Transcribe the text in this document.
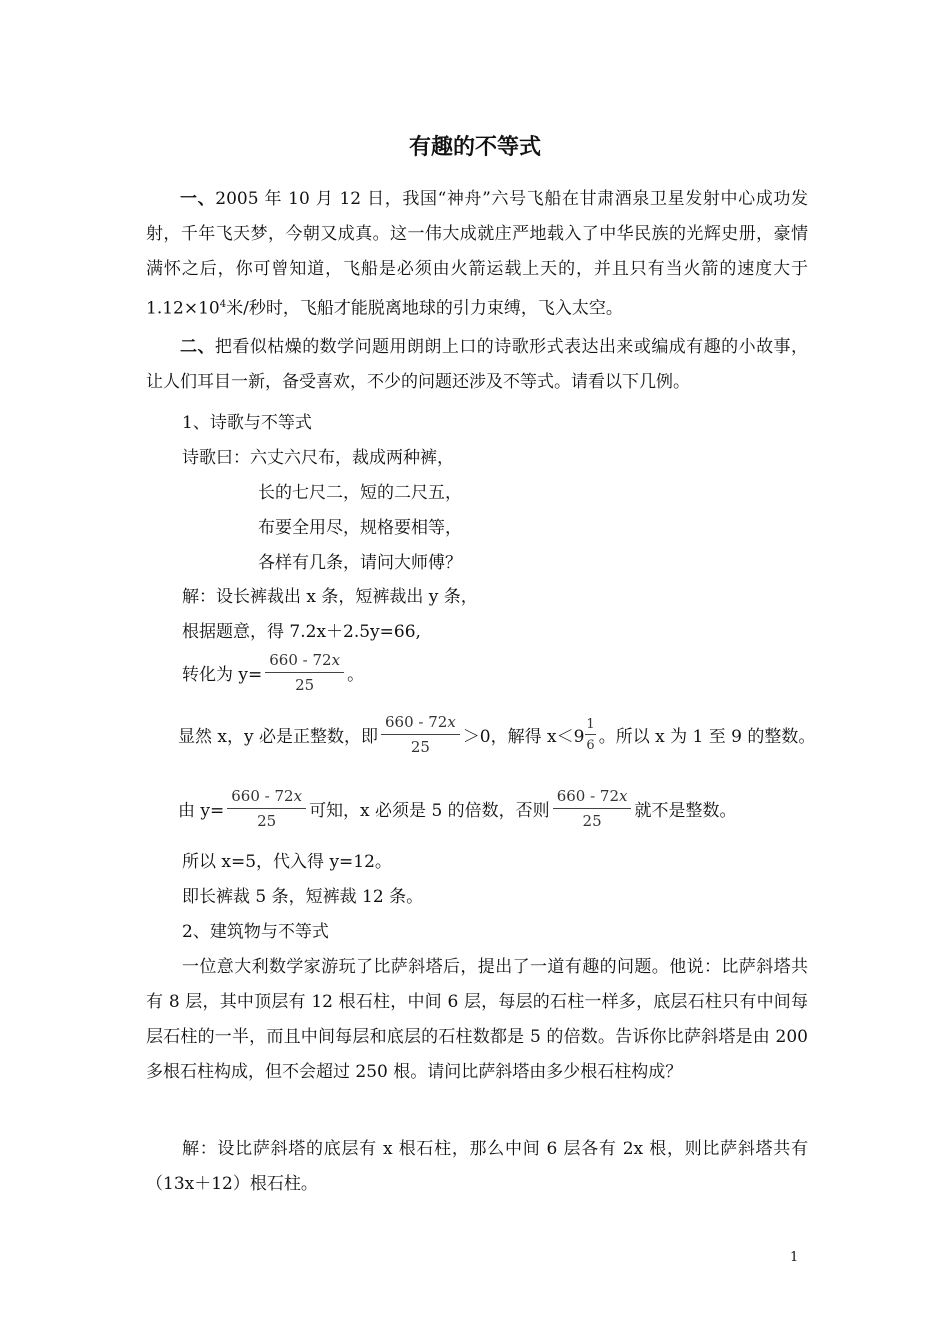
有趣的不等式

一、2005 年 10 月 12 日，我国“神舟”六号飞船在甘肃酒泉卫星发射中心成功发射，千年飞天梦，今朝又成真。这一伟大成就庄严地载入了中华民族的光辉史册，豪情满怀之后，你可曾知道，飞船是必须由火箭运载上天的，并且只有当火箭的速度大于 $1.12\times 10^4$米/秒时，飞船才能脱离地球的引力束缚，飞入太空。

二、把看似枯燥的数学问题用朗朗上口的诗歌形式表达出来或编成有趣的小故事，让人们耳目一新，备受喜欢，不少的问题还涉及不等式。请看以下几例。

1、诗歌与不等式
诗歌曰：六丈六尺布，裁成两种裤，
长的七尺二，短的二尺五，
布要全用尽，规格要相等，
各样有几条，请问大师傅？
解：设长裤裁出 x 条，短裤裁出 y 条，
根据题意，得 7.2x＋2.5y=66,
转化为 $y= \frac{660 - 72x}{25}$ 。
显然 x，y 必是正整数，即 $\frac{660 - 72x}{25} >0$，解得 $x<9 \frac{1}{6}$ 。所以 x 为 1 至 9 的整数。
由 $y= \frac{660 - 72x}{25}$ 可知，x 必须是 5 的倍数，否则 $\frac{660 - 72x}{25}$ 就不是整数。
所以 x=5，代入得 y=12。
即长裤裁 5 条，短裤裁 12 条。
2、建筑物与不等式

一位意大利数学家游玩了比萨斜塔后，提出了一道有趣的问题。他说：比萨斜塔共有 8 层，其中顶层有 12 根石柱，中间 6 层，每层的石柱一样多，底层石柱只有中间每层石柱的一半，而且中间每层和底层的石柱数都是 5 的倍数。告诉你比萨斜塔是由 200 多根石柱构成，但不会超过 250 根。请问比萨斜塔由多少根石柱构成？

解：设比萨斜塔的底层有 x 根石柱，那么中间 6 层各有 2x 根，则比萨斜塔共有（13x＋12）根石柱。

1
